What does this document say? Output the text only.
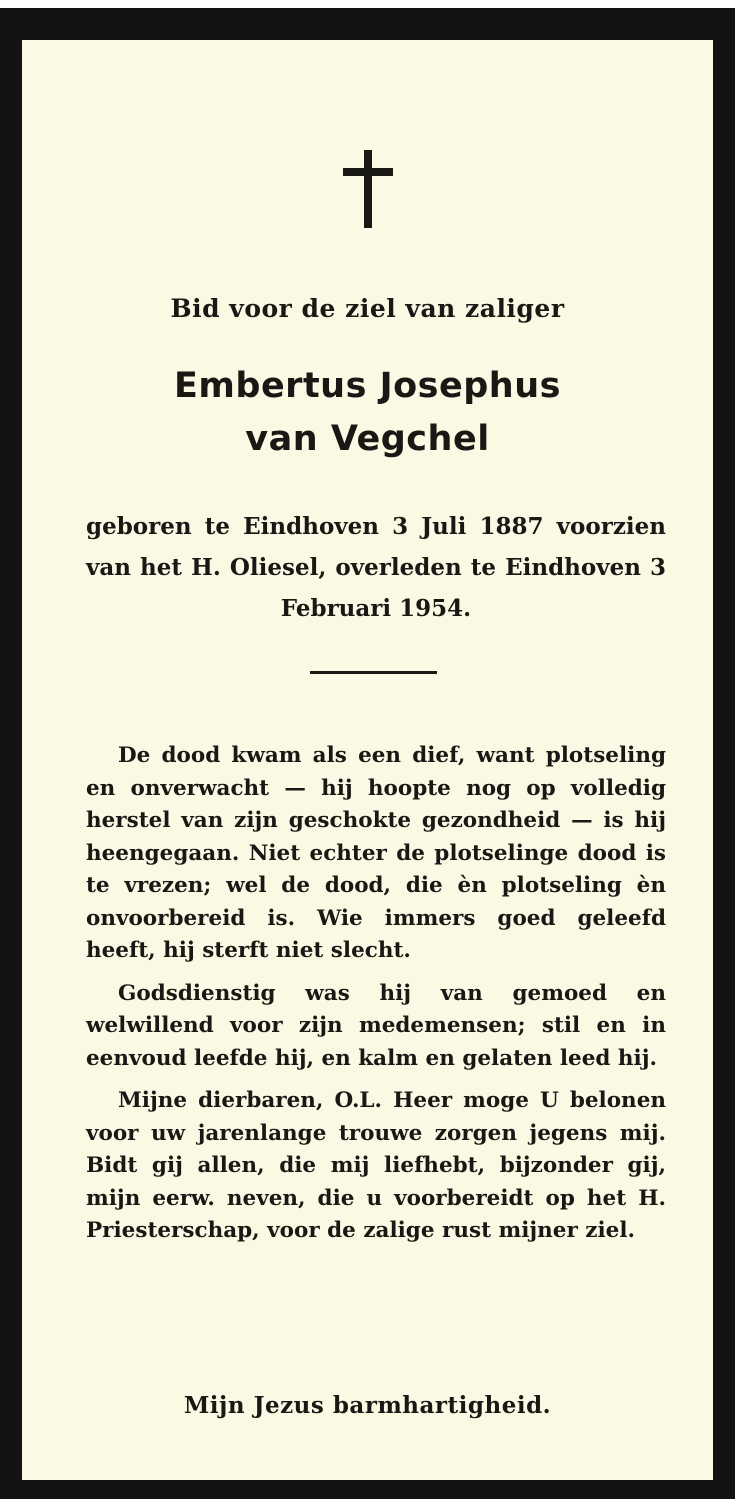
Bid voor de ziel van zaliger
Embertus Josephus
van Vegchel

geboren te Eindhoven 3 Juli 1887 voorzien van het H. Oliesel, overleden te Eindhoven 3 Februari 1954.

De dood kwam als een dief, want plotseling en onverwacht — hij hoopte nog op volledig herstel van zijn geschokte gezondheid — is hij heengegaan. Niet echter de plotselinge dood is te vrezen; wel de dood, die èn plotseling èn onvoorbereid is. Wie immers goed geleefd heeft, hij sterft niet slecht.

Godsdienstig was hij van gemoed en welwillend voor zijn medemensen; stil en in eenvoud leefde hij, en kalm en gelaten leed hij.

Mijne dierbaren, O.L. Heer moge U belonen voor uw jarenlange trouwe zorgen jegens mij. Bidt gij allen, die mij liefhebt, bijzonder gij, mijn eerw. neven, die u voorbereidt op het H. Priesterschap, voor de zalige rust mijner ziel.

Mijn Jezus barmhartigheid.
